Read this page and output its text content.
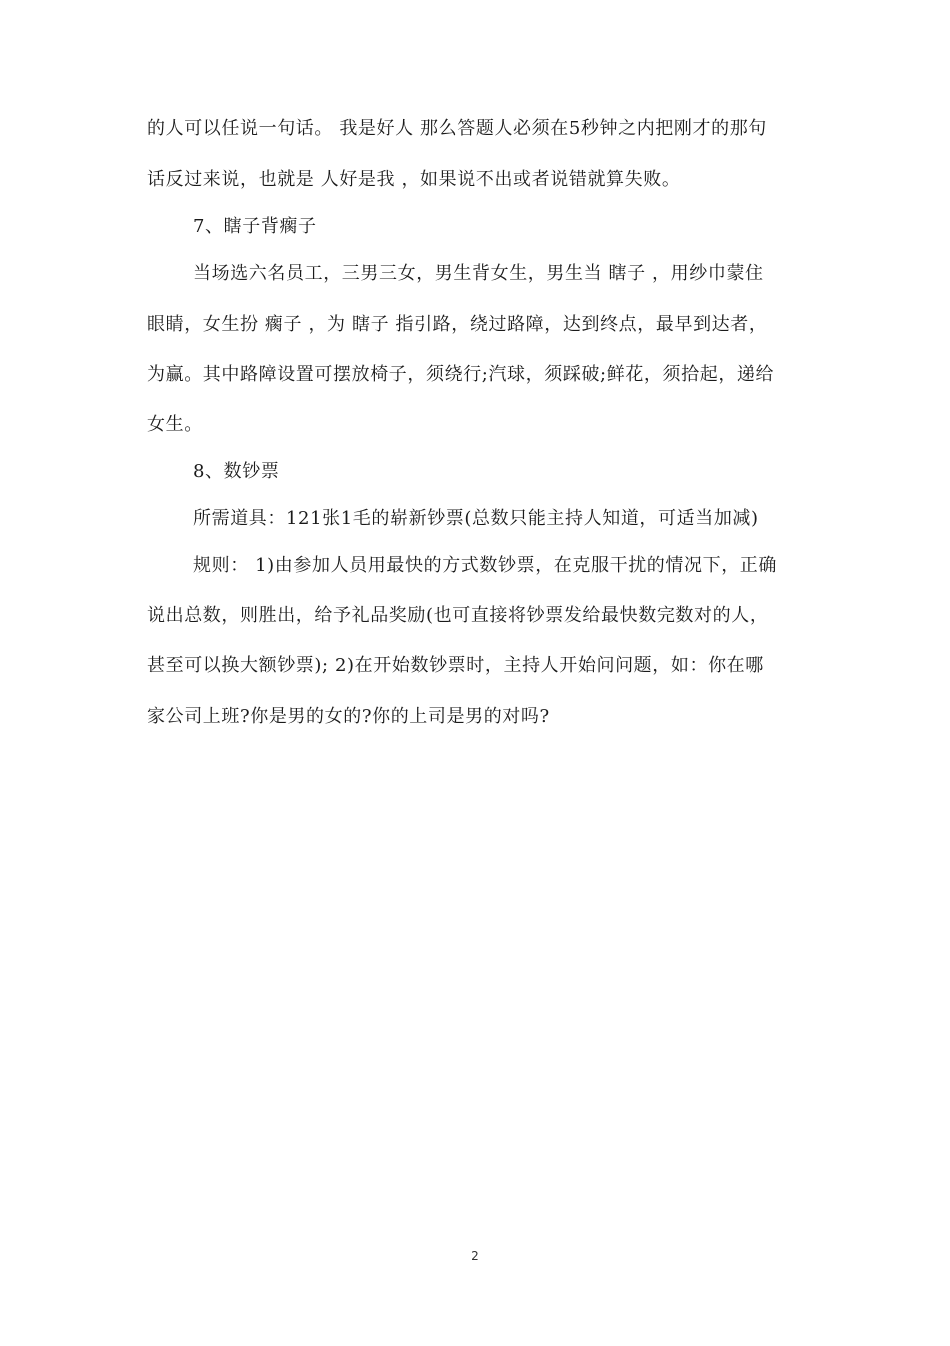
的人可以任说一句话。 我是好人 那么答题人必须在5秒钟之内把刚才的那句
话反过来说，也就是 人好是我 ，如果说不出或者说错就算失败。
7、瞎子背瘸子
当场选六名员工，三男三女，男生背女生，男生当 瞎子 ，用纱巾蒙住
眼睛，女生扮 瘸子 ，为 瞎子 指引路，绕过路障，达到终点，最早到达者，
为赢。其中路障设置可摆放椅子，须绕行;汽球，须踩破;鲜花，须拾起，递给
女生。
8、数钞票
所需道具：121张1毛的崭新钞票(总数只能主持人知道，可适当加减)
规则： 1)由参加人员用最快的方式数钞票，在克服干扰的情况下，正确
说出总数，则胜出，给予礼品奖励(也可直接将钞票发给最快数完数对的人，
甚至可以换大额钞票); 2)在开始数钞票时，主持人开始问问题，如：你在哪
家公司上班?你是男的女的?你的上司是男的对吗?
2
